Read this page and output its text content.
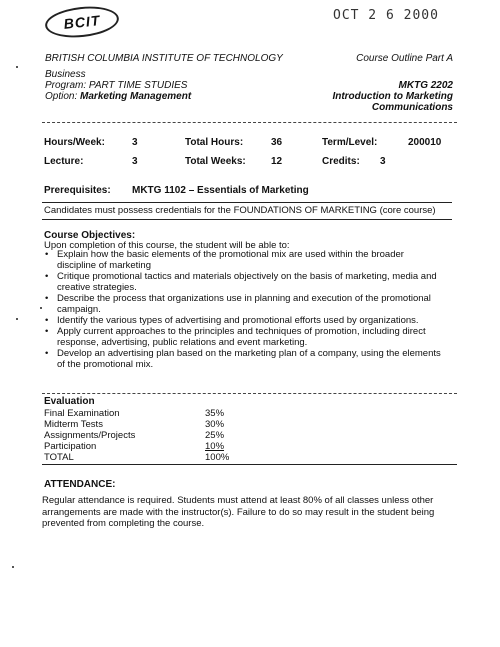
BCIT	OCT 2 6 2000
BRITISH COLUMBIA INSTITUTE OF TECHNOLOGY	Course Outline Part A
Business
Program: PART TIME STUDIES
Option: Marketing Management
MKTG 2202
Introduction to Marketing
Communications
Hours/Week:	3	Total Hours:	36	Term/Level:	200010
Lecture:	3	Total Weeks:	12	Credits: 3
Prerequisites: MKTG 1102 – Essentials of Marketing
Candidates must possess credentials for the FOUNDATIONS OF MARKETING (core course)
Course Objectives:
Upon completion of this course, the student will be able to:
• Explain how the basic elements of the promotional mix are used within the broader
discipline of marketing
• Critique promotional tactics and materials objectively on the basis of marketing, media and
creative strategies.
• Describe the process that organizations use in planning and execution of the promotional
campaign.
• Identify the various types of advertising and promotional efforts used by organizations.
• Apply current approaches to the principles and techniques of promotion, including direct
response, advertising, public relations and event marketing.
• Develop an advertising plan based on the marketing plan of a company, using the elements
of the promotional mix.
Evaluation
Final Examination	35%
Midterm Tests	30%
Assignments/Projects	25%
Participation	10%
TOTAL	100%
ATTENDANCE:
Regular attendance is required. Students must attend at least 80% of all classes unless other
arrangements are made with the instructor(s). Failure to do so may result in the student being
prevented from completing the course.
